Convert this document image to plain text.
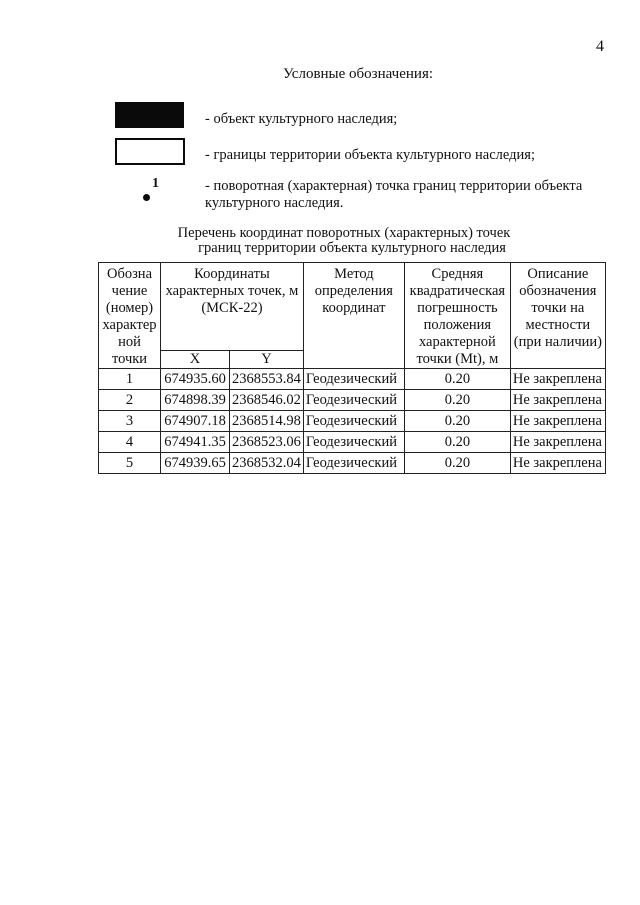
4
Условные обозначения:
- объект культурного наследия;
- границы территории объекта культурного наследия;
1	- поворотная (характерная) точка границ территории объекта культурного наследия.
Перечень координат поворотных (характерных) точек
границ территории объекта культурного наследия
Обозна чение (номер) характер ной точки	Координаты характерных точек, м (МСК-22)		Метод определения координат	Средняя квадратическая погрешность положения характерной точки (Mt), м	Описание обозначения точки на местности (при наличии)
	X	Y			
1	674935.60	2368553.84	Геодезический	0.20	Не закреплена
2	674898.39	2368546.02	Геодезический	0.20	Не закреплена
3	674907.18	2368514.98	Геодезический	0.20	Не закреплена
4	674941.35	2368523.06	Геодезический	0.20	Не закреплена
5	674939.65	2368532.04	Геодезический	0.20	Не закреплена
